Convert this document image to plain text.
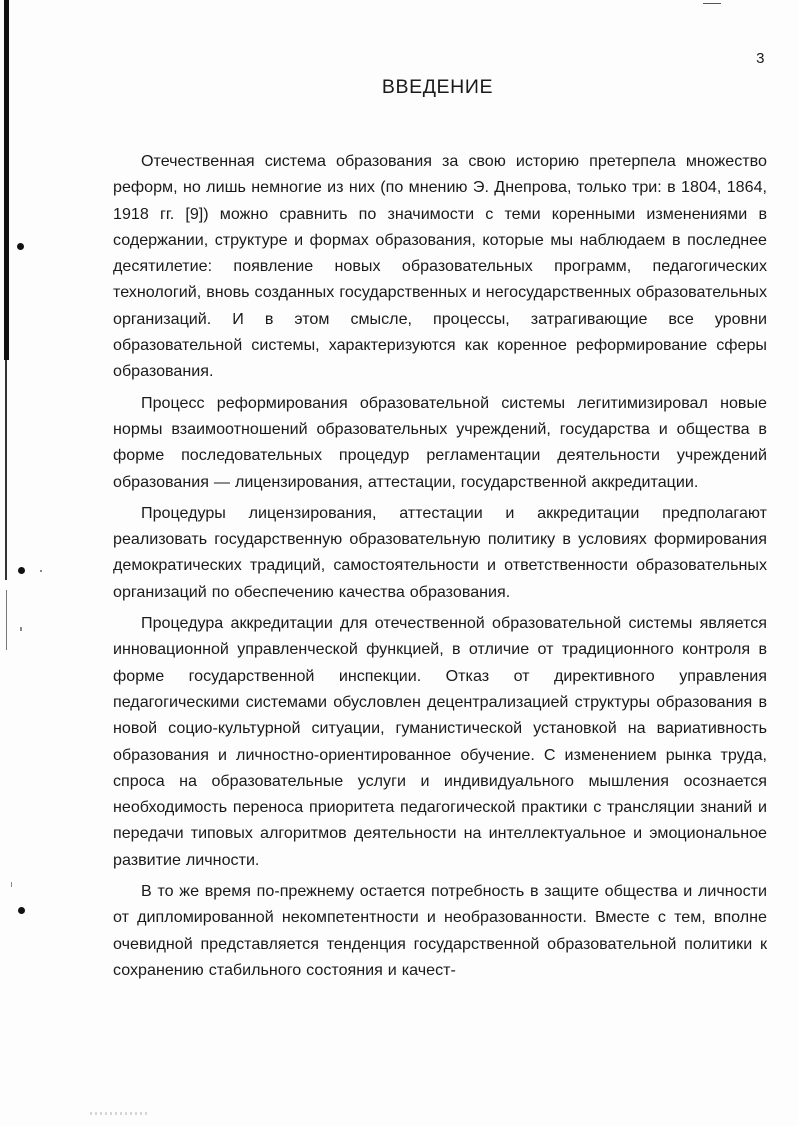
3
ВВЕДЕНИЕ

Отечественная система образования за свою историю претерпела множество реформ, но лишь немногие из них (по мнению Э. Днепрова, только три: в 1804, 1864, 1918 гг. [9]) можно сравнить по значимости с теми коренными изменениями в содержании, структуре и формах образования, которые мы наблюдаем в последнее десятилетие: появление новых образовательных программ, педагогических технологий, вновь созданных государственных и негосударственных образовательных организаций. И в этом смысле, процессы, затрагивающие все уровни образовательной системы, характеризуются как коренное реформирование сферы образования.

Процесс реформирования образовательной системы легитимизировал новые нормы взаимоотношений образовательных учреждений, государства и общества в форме последовательных процедур регламентации деятельности учреждений образования — лицензирования, аттестации, государственной аккредитации.

Процедуры лицензирования, аттестации и аккредитации предполагают реализовать государственную образовательную политику в условиях формирования демократических традиций, самостоятельности и ответственности образовательных организаций по обеспечению качества образования.

Процедура аккредитации для отечественной образовательной системы является инновационной управленческой функцией, в отличие от традиционного контроля в форме государственной инспекции. Отказ от директивного управления педагогическими системами обусловлен децентрализацией структуры образования в новой социо-культурной ситуации, гуманистической установкой на вариативность образования и личностно-ориентированное обучение. С изменением рынка труда, спроса на образовательные услуги и индивидуального мышления осознается необходимость переноса приоритета педагогической практики с трансляции знаний и передачи типовых алгоритмов деятельности на интеллектуальное и эмоциональное развитие личности.

В то же время по-прежнему остается потребность в защите общества и личности от дипломированной некомпетентности и необразованности. Вместе с тем, вполне очевидной представляется тенденция государственной образовательной политики к сохранению стабильного состояния и качест-
